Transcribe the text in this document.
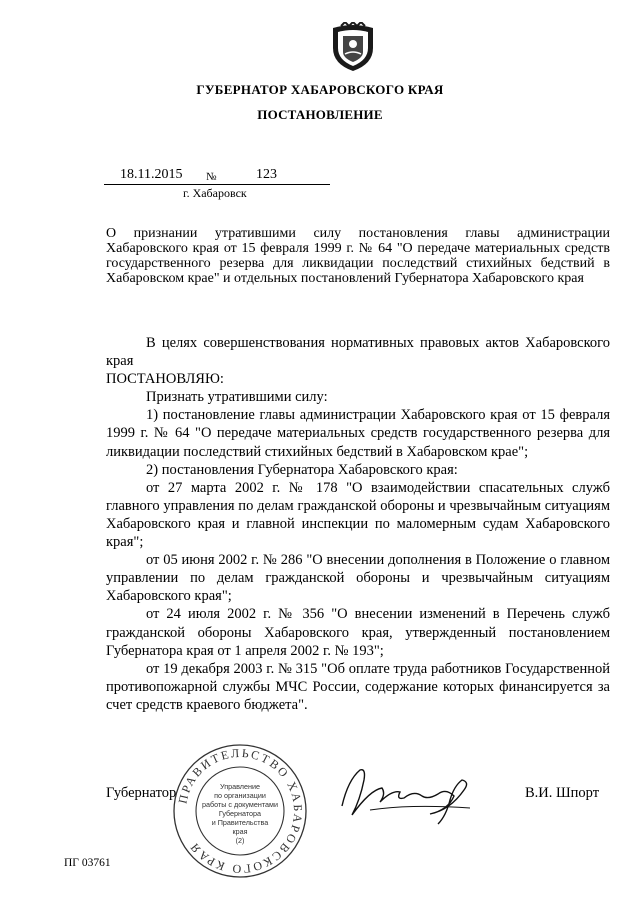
ГУБЕРНАТОР ХАБАРОВСКОГО КРАЯ
ПОСТАНОВЛЕНИЕ
18.11.2015 №	123
г. Хабаровск
О признании утратившими силу постановления главы администрации Хабаровского края от 15 февраля 1999 г. № 64 "О передаче материальных средств государственного резерва для ликвидации последствий стихийных бедствий в Хабаровском крае" и отдельных постановлений Губернатора Хабаровского края

В целях совершенствования нормативных правовых актов Хабаровского края

ПОСТАНОВЛЯЮ:

Признать утратившими силу:

1) постановление главы администрации Хабаровского края от 15 февраля 1999 г. № 64 "О передаче материальных средств государственного резерва для ликвидации последствий стихийных бедствий в Хабаровском крае";

2) постановления Губернатора Хабаровского края:

от 27 марта 2002 г. № 178 "О взаимодействии спасательных служб главного управления по делам гражданской обороны и чрезвычайным ситуациям Хабаровского края и главной инспекции по маломерным судам Хабаровского края";

от 05 июня 2002 г. № 286 "О внесении дополнения в Положение о главном управлении по делам гражданской обороны и чрезвычайным ситуациям Хабаровского края";

от 24 июля 2002 г. № 356 "О внесении изменений в Перечень служб гражданской обороны Хабаровского края, утвержденный постановлением Губернатора края от 1 апреля 2002 г. № 193";

от 19 декабря 2003 г. № 315 "Об оплате труда работников Государственной противопожарной службы МЧС России, содержание которых финансируется за счет средств краевого бюджета".

Губернатор	В.И. Шпорт
ПРАВИТЕЛЬСТВО ХАБАРОВСКОГО КРАЯ
Управление
по организации
работы с документами
Губернатора
и Правительства
края
(2)
ПГ 03761
